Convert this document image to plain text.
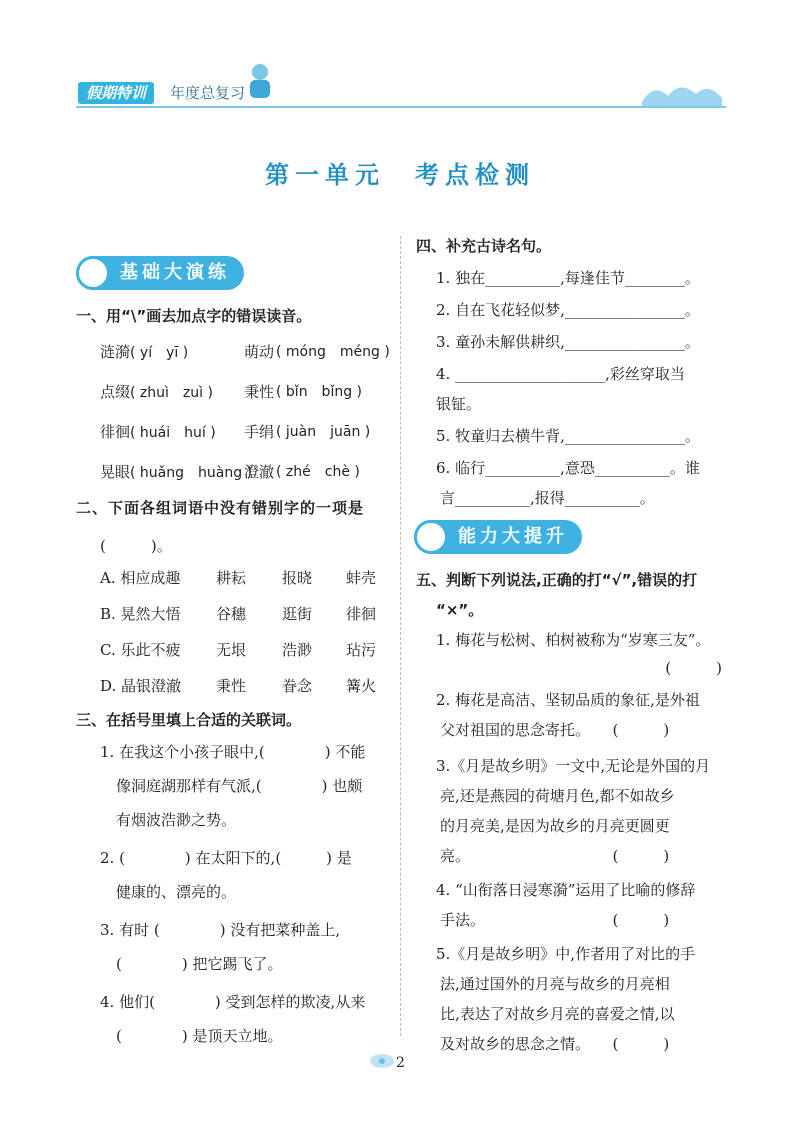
假期特训	年度总复习
第一单元　考点检测
基础大演练
一、用“\”画去加点字的错误读音。
涟漪( yí　yī )	萌动 ( móng　méng )
点缀( zhuì　zuì ) 秉性 ( bǐn　bǐng )
徘徊( huái　huí ) 手绢 ( juàn　juān )
晃眼( huǎng　huàng )
澄澈 ( zhé　chè )
二、下面各组词语中没有错别字的一项是
(　　　)。
A. 相应成趣 耕耘 报晓 蚌壳
B. 晃然大悟 谷穗 逛街 徘徊
C. 乐此不疲 无垠 浩渺 玷污
D. 晶银澄澈 秉性 眷念 篝火
三、在括号里填上合适的关联词。
1. 在我这个小孩子眼中,(　　　　) 不能
像洞庭湖那样有气派,(　　　　) 也颇
有烟波浩渺之势。
2. (　　　　) 在太阳下的,(　　　) 是
健康的、漂亮的。
3. 有时 (　　　　) 没有把菜种盖上,
(　　　　) 把它踢飞了。
4. 他们(　　　　) 受到怎样的欺凌,从来
(　　　　) 是顶天立地。
四、补充古诗名句。
1. 独在__________,每逢佳节________。
2. 自在飞花轻似梦,________________。
3. 童孙未解供耕织,________________。
4. ____________________,彩丝穿取当
银钲。
5. 牧童归去横牛背,________________。
6. 临行__________,意恐__________。谁
言__________,报得__________。
能力大提升
五、判断下列说法,正确的打“√”,错误的打
“×”。
1. 梅花与松树、柏树被称为“岁寒三友”。
(　　　)
2. 梅花是高洁、坚韧品质的象征,是外祖
父对祖国的思念寄托。　　(　　　)
3.《月是故乡明》一文中,无论是外国的月
亮,还是燕园的荷塘月色,都不如故乡
的月亮美,是因为故乡的月亮更圆更
亮。　　　　　　　　　　(　　　)
4. “山衔落日浸寒漪”运用了比喻的修辞
手法。　　　　　　　　　(　　　)
5.《月是故乡明》中,作者用了对比的手
法,通过国外的月亮与故乡的月亮相
比,表达了对故乡月亮的喜爱之情,以
及对故乡的思念之情。　　(　　　)
2
